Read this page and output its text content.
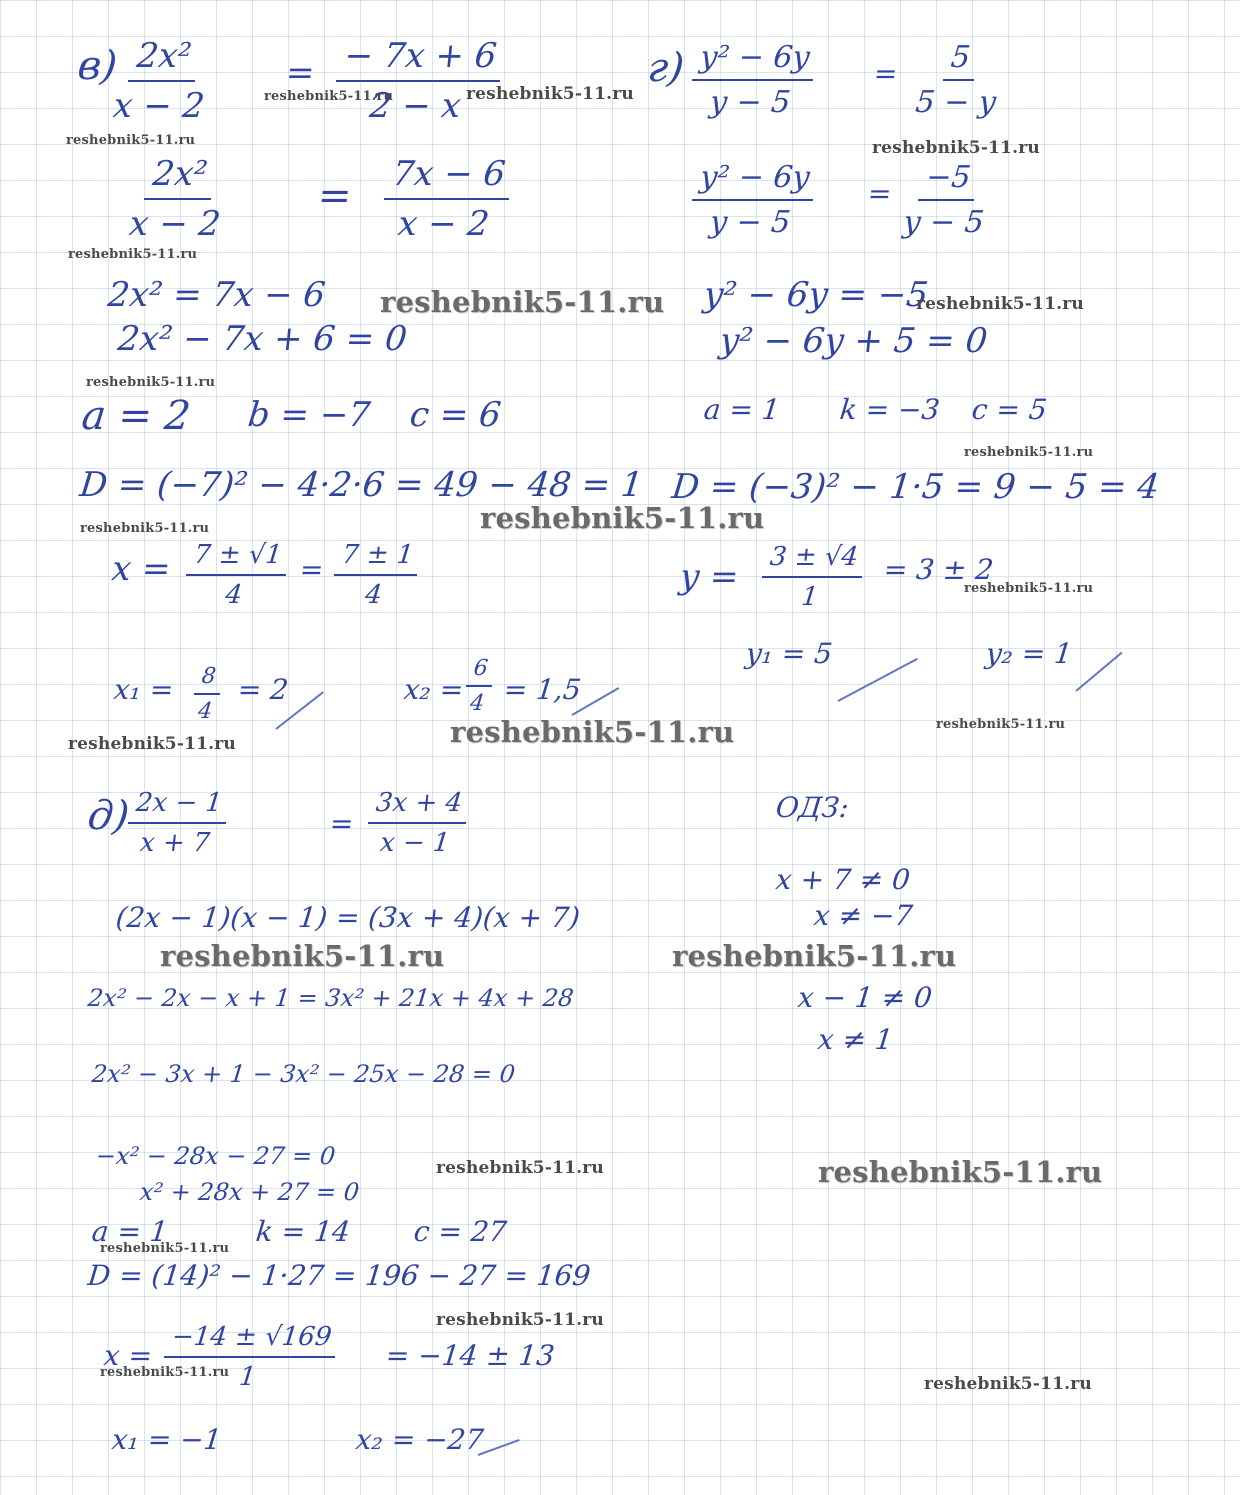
в)
$\frac{\text{2x²}}{x - 2} = \frac{- 7x + 6}{2 - x}$
$\frac{\text{2x²}}{x - 2} = \frac{7x - 6}{x - 2}$
2x² = 7x − 6
2x² − 7x + 6 = 0
a = 2 b = −7 c = 6
D = (−7)² − 4·2·6 = 49 − 48 = 1
$x = \frac{7 \pm √1}{4} = \frac{7 \pm 1}{4}$
$x_1 = \frac{8}{4} = 2$	x₂ =
$\frac{6}{4} = 1,5$
$г) \frac{\text{y² − 6y}}{y - 5} = \frac{5}{5 - y}$
$\frac{\text{y² − 6y}}{y - 5} = \frac{-5}{y - 5}$
y² − 6y = −5
y² − 6y + 5 = 0
a = 1 k = −3 c = 5
D = (−3)² − 1·5 = 9 − 5 = 4
$y = \frac{3 \pm √4}{1} = 3 \pm 2$
y₁ = 5	y₂ = 1
д)
$\frac{2x - 1}{x + 7}$	= $\frac{3x + 4}{x - 1}$
(2x − 1)(x − 1) = (3x + 4)(x + 7)
2x² − 2x − x + 1 = 3x² + 21x + 4x + 28
2x² − 3x + 1 − 3x² − 25x − 28 = 0
−x² − 28x − 27 = 0
x² + 28x + 27 = 0
a = 1	k = 14 c = 27
D = (14)² − 1·27 = 196 − 27 = 169
$x = \frac{-14 \pm √169}{1} = -14 \pm 13$
x₁ = −1	x₂ = −27
ОДЗ:
x + 7 ≠ 0
x ≠ −7
x − 1 ≠ 0
x ≠ 1
reshebnik5-11.ru	reshebnik5-11.ru
reshebnik5-11.ru	reshebnik5-11.ru
reshebnik5-11.ru
reshebnik5-11.ru	reshebnik5-11.ru
reshebnik5-11.ru
reshebnik5-11.ru
reshebnik5-11.ru
reshebnik5-11.ru
reshebnik5-11.ru
reshebnik5-11.ru
reshebnik5-11.ru
reshebnik5-11.ru
reshebnik5-11.ru	reshebnik5-11.ru
reshebnik5-11.ru	reshebnik5-11.ru
reshebnik5-11.ru
reshebnik5-11.ru
reshebnik5-11.ru
reshebnik5-11.ru
